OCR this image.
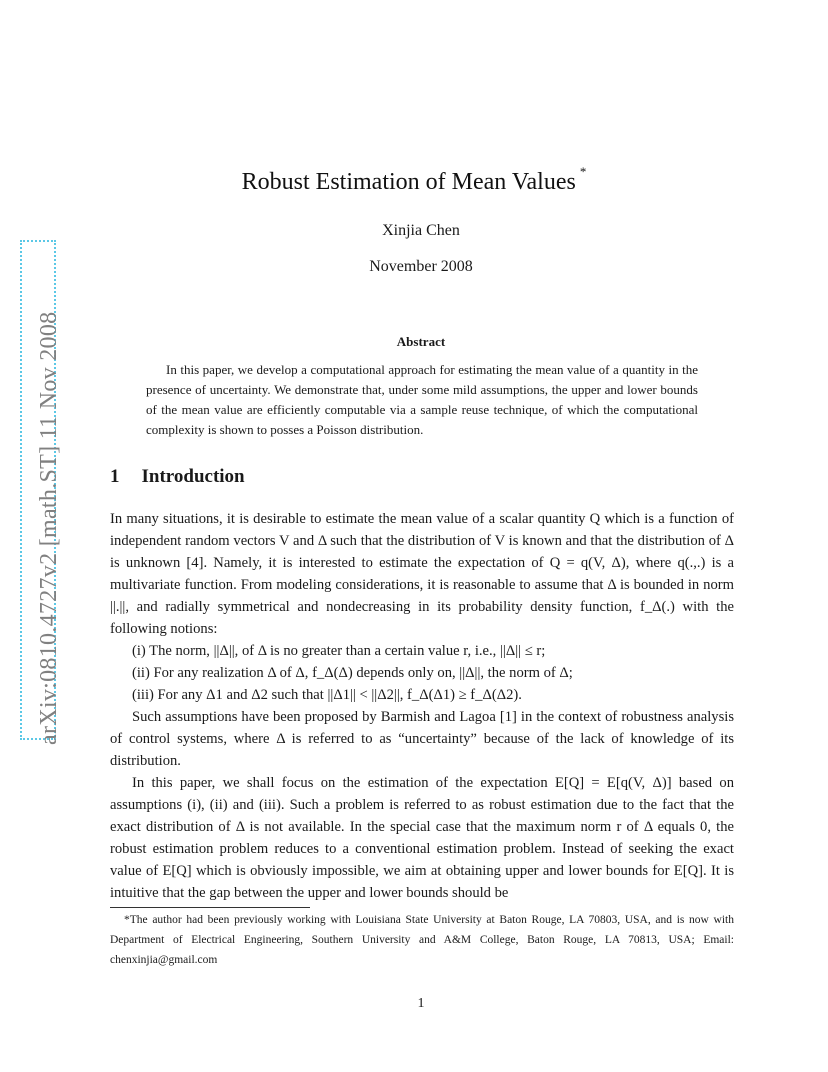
arXiv:0810.4727v2 [math.ST] 11 Nov 2008
Robust Estimation of Mean Values *
Xinjia Chen
November 2008
Abstract
In this paper, we develop a computational approach for estimating the mean value of a quantity in the presence of uncertainty. We demonstrate that, under some mild assumptions, the upper and lower bounds of the mean value are efficiently computable via a sample reuse technique, of which the computational complexity is shown to posses a Poisson distribution.
1 Introduction

In many situations, it is desirable to estimate the mean value of a scalar quantity Q which is a function of independent random vectors V and Δ such that the distribution of V is known and that the distribution of Δ is unknown [4]. Namely, it is interested to estimate the expectation of Q = q(V, Δ), where q(.,.) is a multivariate function. From modeling considerations, it is reasonable to assume that Δ is bounded in norm ||.||, and radially symmetrical and nondecreasing in its probability density function, f_Δ(.) with the following notions:

(i) The norm, ||Δ||, of Δ is no greater than a certain value r, i.e., ||Δ|| ≤ r;

(ii) For any realization Δ of Δ, f_Δ(Δ) depends only on, ||Δ||, the norm of Δ;

(iii) For any Δ1 and Δ2 such that ||Δ1|| < ||Δ2||, f_Δ(Δ1) ≥ f_Δ(Δ2).

Such assumptions have been proposed by Barmish and Lagoa [1] in the context of robustness analysis of control systems, where Δ is referred to as “uncertainty” because of the lack of knowledge of its distribution.

In this paper, we shall focus on the estimation of the expectation E[Q] = E[q(V, Δ)] based on assumptions (i), (ii) and (iii). Such a problem is referred to as robust estimation due to the fact that the exact distribution of Δ is not available. In the special case that the maximum norm r of Δ equals 0, the robust estimation problem reduces to a conventional estimation problem. Instead of seeking the exact value of E[Q] which is obviously impossible, we aim at obtaining upper and lower bounds for E[Q]. It is intuitive that the gap between the upper and lower bounds should be

*The author had been previously working with Louisiana State University at Baton Rouge, LA 70803, USA, and is now with Department of Electrical Engineering, Southern University and A&M College, Baton Rouge, LA 70813, USA; Email: chenxinjia@gmail.com
1
